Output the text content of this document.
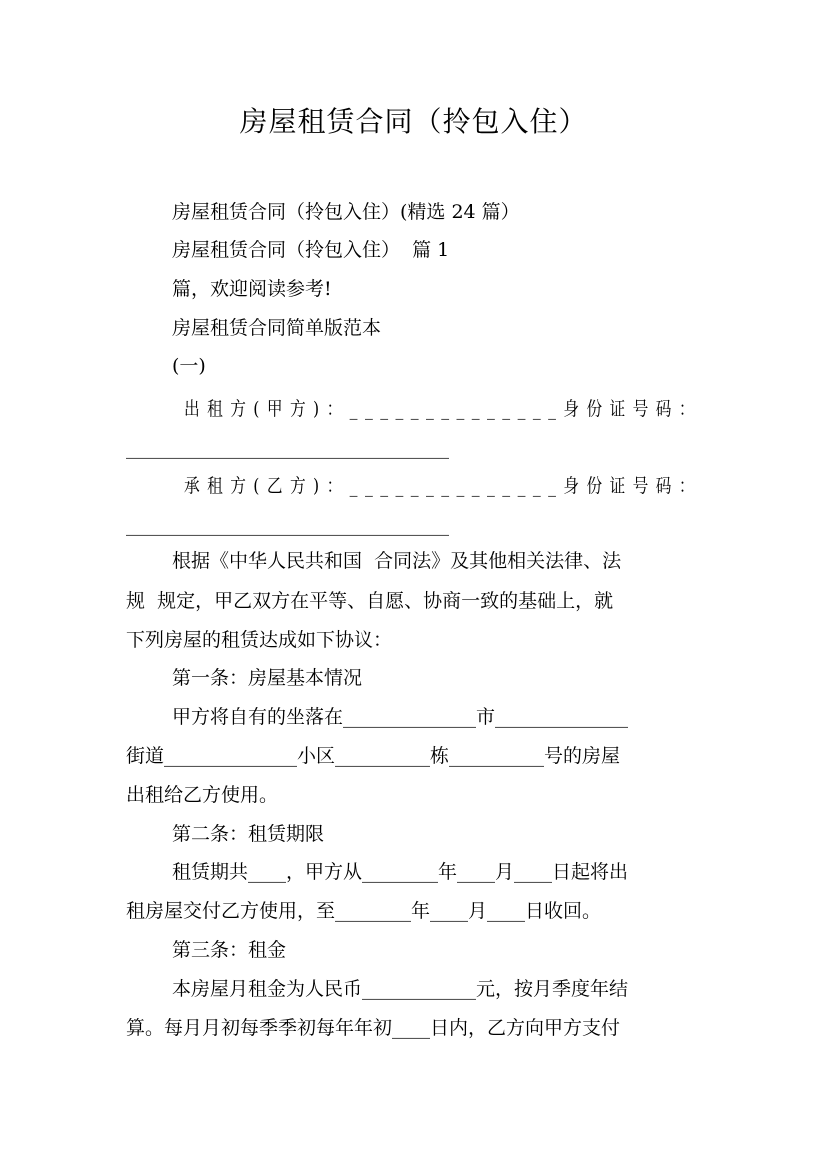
房屋租赁合同（拎包入住）
房屋租赁合同（拎包入住）(精选 24 篇）
房屋租赁合同（拎包入住）  篇 1
篇，欢迎阅读参考!
房屋租赁合同简单版范本
(一)
出租方(甲方)：______________身份证号码：
__________________________________
承租方(乙方)：______________身份证号码：
__________________________________
根据《中华人民共和国  合同法》及其他相关法律、法
规  规定，甲乙双方在平等、自愿、协商一致的基础上，就
下列房屋的租赁达成如下协议：
第一条：房屋基本情况
甲方将自有的坐落在______________市______________
街道______________小区__________栋__________号的房屋
出租给乙方使用。
第二条：租赁期限
租赁期共____，甲方从________年____月____日起将出
租房屋交付乙方使用，至________年____月____日收回。
第三条：租金
本房屋月租金为人民币____________元，按月季度年结
算。每月月初每季季初每年年初____日内，乙方向甲方支付
